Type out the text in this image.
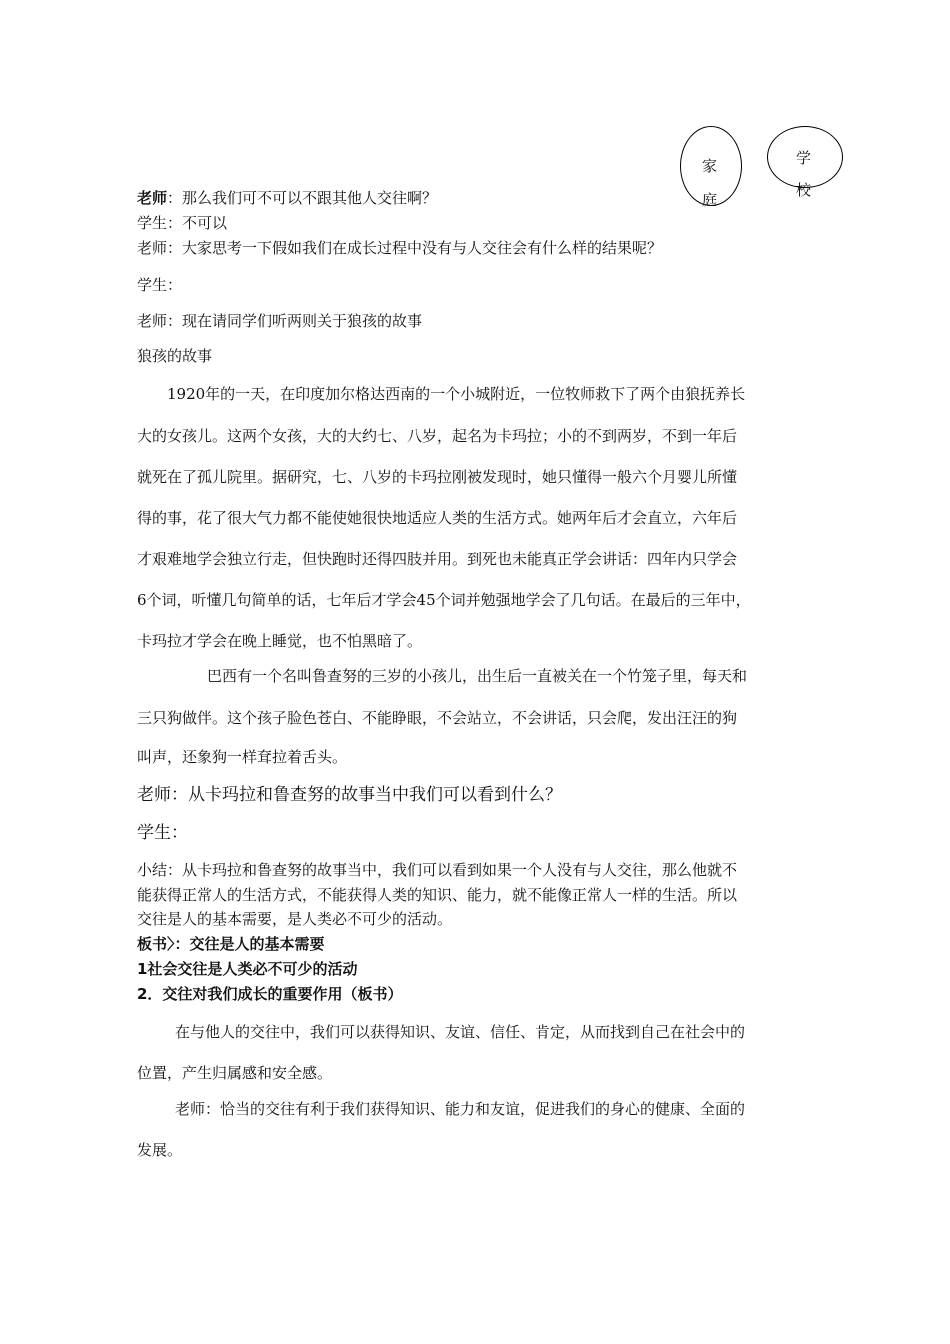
家
庭
学
校
老师：那么我们可不可以不跟其他人交往啊？
学生：不可以
老师：大家思考一下假如我们在成长过程中没有与人交往会有什么样的结果呢？
学生：
老师：现在请同学们听两则关于狼孩的故事
狼孩的故事
1920年的一天，在印度加尔格达西南的一个小城附近，一位牧师救下了两个由狼抚养长
大的女孩儿。这两个女孩，大的大约七、八岁，起名为卡玛拉；小的不到两岁，不到一年后
就死在了孤儿院里。据研究，七、八岁的卡玛拉刚被发现时，她只懂得一般六个月婴儿所懂
得的事，花了很大气力都不能使她很快地适应人类的生活方式。她两年后才会直立，六年后
才艰难地学会独立行走，但快跑时还得四肢并用。到死也未能真正学会讲话：四年内只学会
6个词，听懂几句简单的话，七年后才学会45个词并勉强地学会了几句话。在最后的三年中，
卡玛拉才学会在晚上睡觉，也不怕黑暗了。
巴西有一个名叫鲁查努的三岁的小孩儿，出生后一直被关在一个竹笼子里，每天和
三只狗做伴。这个孩子脸色苍白、不能睁眼，不会站立，不会讲话，只会爬，发出汪汪的狗
叫声，还象狗一样耷拉着舌头。
老师：从卡玛拉和鲁查努的故事当中我们可以看到什么？
学生：
小结：从卡玛拉和鲁查努的故事当中，我们可以看到如果一个人没有与人交往，那么他就不
能获得正常人的生活方式，不能获得人类的知识、能力，就不能像正常人一样的生活。所以
交往是人的基本需要，是人类必不可少的活动。
板书〉：交往是人的基本需要
1社会交往是人类必不可少的活动
2．交往对我们成长的重要作用（板书）
在与他人的交往中，我们可以获得知识、友谊、信任、肯定，从而找到自己在社会中的
位置，产生归属感和安全感。
老师：恰当的交往有利于我们获得知识、能力和友谊，促进我们的身心的健康、全面的
发展。
